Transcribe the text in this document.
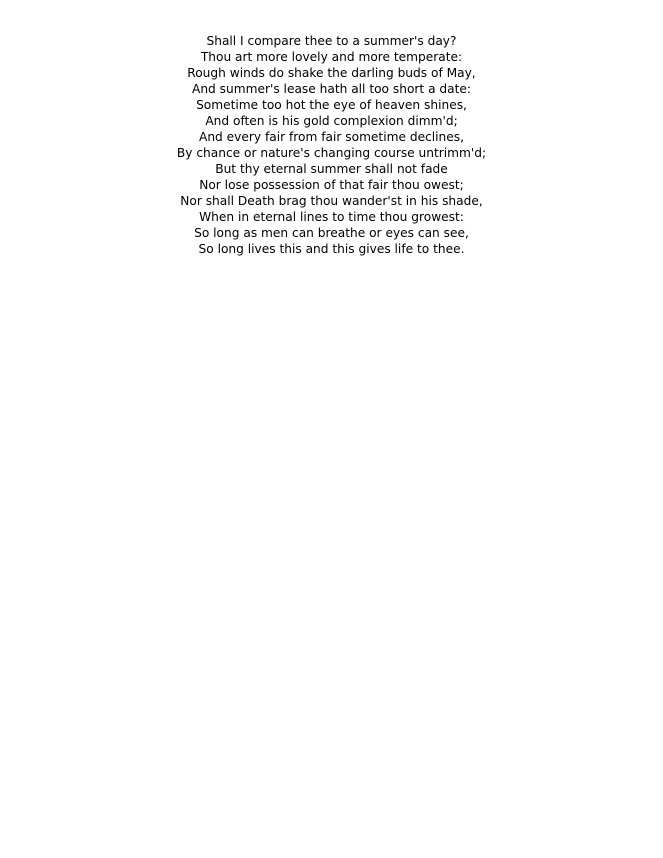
Shall I compare thee to a summer's day?
Thou art more lovely and more temperate:
Rough winds do shake the darling buds of May,
And summer's lease hath all too short a date:
Sometime too hot the eye of heaven shines,
And often is his gold complexion dimm'd;
And every fair from fair sometime declines,
By chance or nature's changing course untrimm'd;
But thy eternal summer shall not fade
Nor lose possession of that fair thou owest;
Nor shall Death brag thou wander'st in his shade,
When in eternal lines to time thou growest:
So long as men can breathe or eyes can see,
So long lives this and this gives life to thee.
